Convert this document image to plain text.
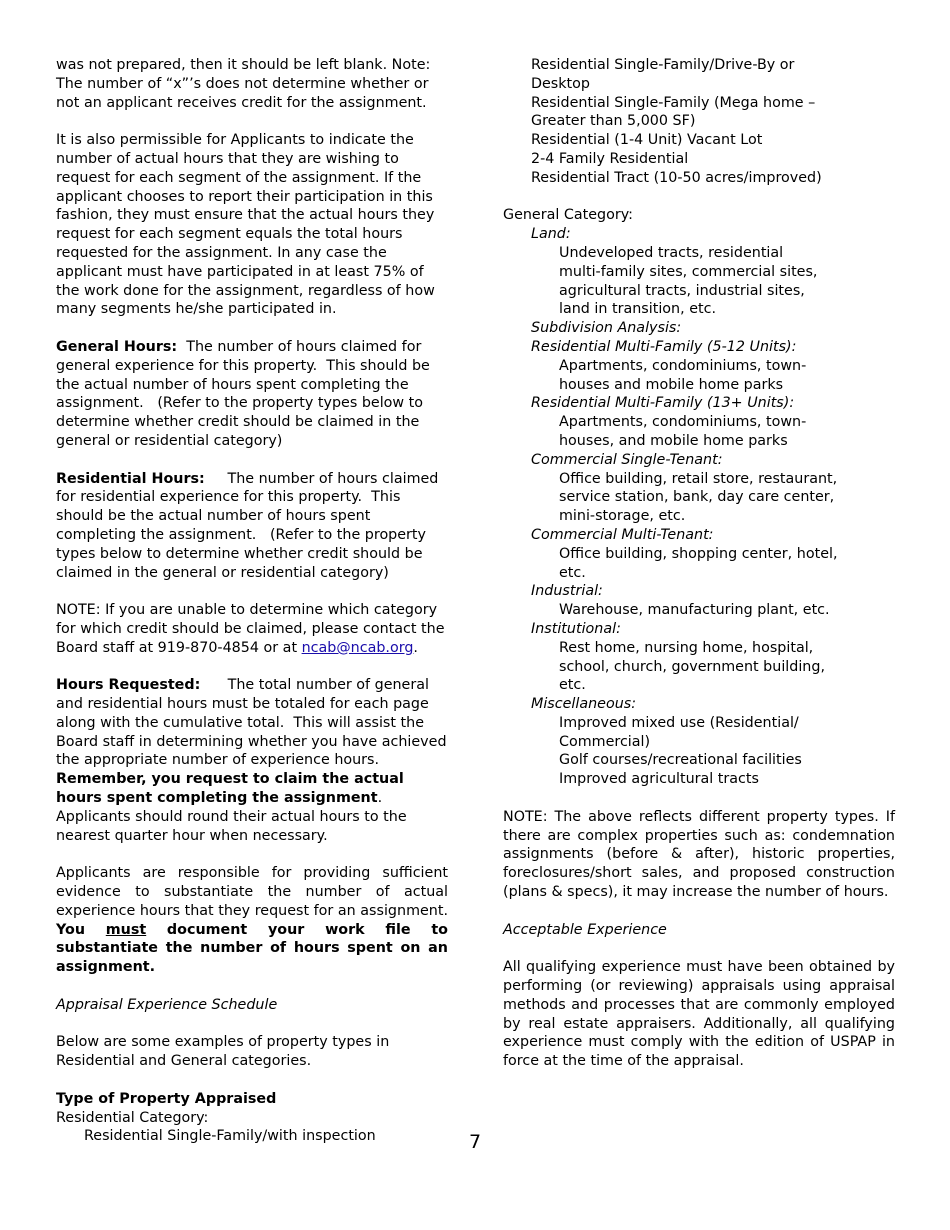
was not prepared, then it should be left blank. Note: The number of “x”’s does not determine whether or not an applicant receives credit for the assignment.

It is also permissible for Applicants to indicate the number of actual hours that they are wishing to request for each segment of the assignment. If the applicant chooses to report their participation in this fashion, they must ensure that the actual hours they request for each segment equals the total hours requested for the assignment. In any case the applicant must have participated in at least 75% of the work done for the assignment, regardless of how many segments he/she participated in.

General Hours:  The number of hours claimed for general experience for this property.  This should be the actual number of hours spent completing the assignment.   (Refer to the property types below to determine whether credit should be claimed in the general or residential category)

Residential Hours:     The number of hours claimed for residential experience for this property.  This should be the actual number of hours spent completing the assignment.   (Refer to the property types below to determine whether credit should be claimed in the general or residential category)

NOTE: If you are unable to determine which category for which credit should be claimed, please contact the Board staff at 919-870-4854 or at ncab@ncab.org.

Hours Requested:      The total number of general and residential hours must be totaled for each page along with the cumulative total.  This will assist the Board staff in determining whether you have achieved the appropriate number of experience hours.  Remember, you request to claim the actual hours spent completing the assignment. Applicants should round their actual hours to the nearest quarter hour when necessary.

Applicants are responsible for providing sufficient evidence to substantiate the number of actual experience hours that they request for an assignment. You must document your work file to substantiate the number of hours spent on an assignment.

Appraisal Experience Schedule

Below are some examples of property types in Residential and General categories.

Type of Property Appraised
Residential Category:
Residential Single-Family/with inspection
Residential Single-Family/Drive-By or
Desktop
Residential Single-Family (Mega home –
Greater than 5,000 SF)
Residential (1-4 Unit) Vacant Lot
2-4 Family Residential
Residential Tract (10-50 acres/improved)
General Category:
Land:
Undeveloped tracts, residential
multi-family sites, commercial sites,
agricultural tracts, industrial sites,
land in transition, etc.
Subdivision Analysis:
Residential Multi-Family (5-12 Units):
Apartments, condominiums, town-
houses and mobile home parks
Residential Multi-Family (13+ Units):
Apartments, condominiums, town-
houses, and mobile home parks
Commercial Single-Tenant:
Office building, retail store, restaurant,
service station, bank, day care center,
mini-storage, etc.
Commercial Multi-Tenant:
Office building, shopping center, hotel,
etc.
Industrial:
Warehouse, manufacturing plant, etc.
Institutional:
Rest home, nursing home, hospital,
school, church, government building,
etc.
Miscellaneous:
Improved mixed use (Residential/
Commercial)
Golf courses/recreational facilities
Improved agricultural tracts

NOTE: The above reflects different property types. If there are complex properties such as: condemnation assignments (before & after), historic properties, foreclosures/short sales, and proposed construction (plans & specs), it may increase the number of hours.

Acceptable Experience

All qualifying experience must have been obtained by performing (or reviewing) appraisals using appraisal methods and processes that are commonly employed by real estate appraisers. Additionally, all qualifying experience must comply with the edition of USPAP in force at the time of the appraisal.

7
